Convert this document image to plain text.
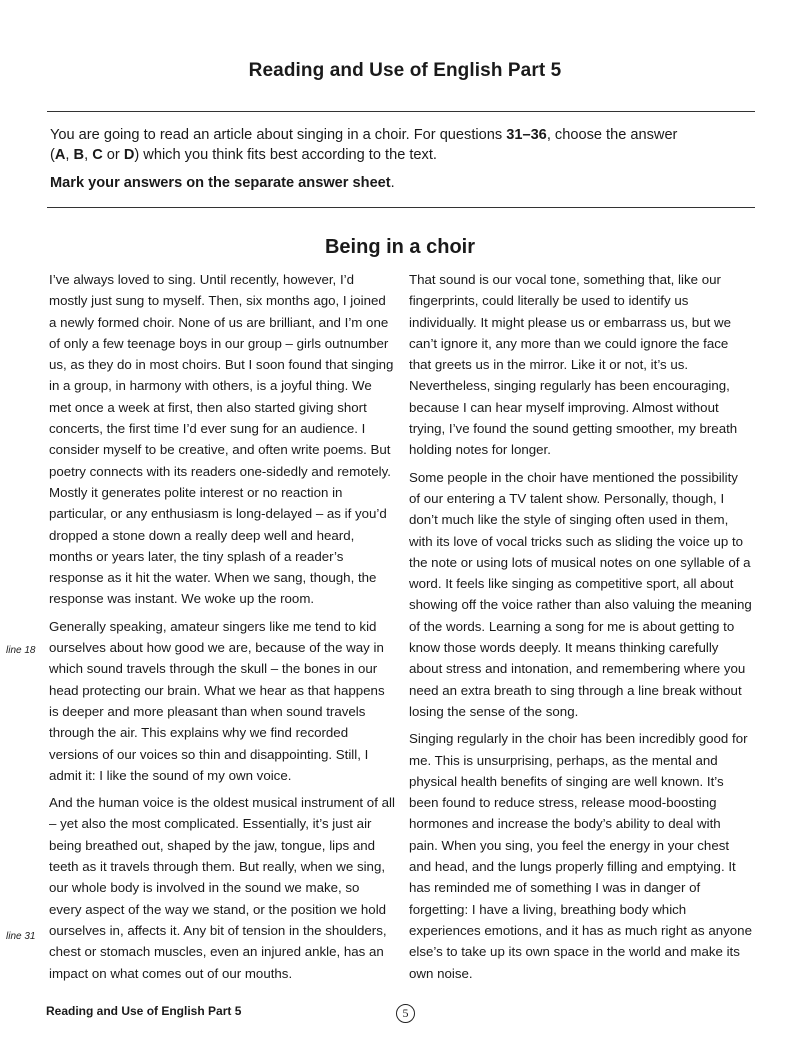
Reading and Use of English Part 5

You are going to read an article about singing in a choir. For questions 31–36, choose the answer
(A, B, C or D) which you think fits best according to the text.

Mark your answers on the separate answer sheet.

Being in a choir

I’ve always loved to sing. Until recently, however, I’d mostly just sung to myself. Then, six months ago, I joined a newly formed choir. None of us are brilliant, and I’m one of only a few teenage boys in our group – girls outnumber us, as they do in most choirs. But I soon found that singing in a group, in harmony with others, is a joyful thing. We met once a week at first, then also started giving short concerts, the first time I’d ever sung for an audience. I consider myself to be creative, and often write poems. But poetry connects with its readers one-sidedly and remotely. Mostly it generates polite interest or no reaction in particular, or any enthusiasm is long-delayed – as if you’d dropped a stone down a really deep well and heard, months or years later, the tiny splash of a reader’s response as it hit the water. When we sang, though, the response was instant. We woke up the room.

Generally speaking, amateur singers like me tend to kid ourselves about how good we are, because of the way in which sound travels through the skull – the bones in our head protecting our brain. What we hear as that happens is deeper and more pleasant than when sound travels through the air. This explains why we find recorded versions of our voices so thin and disappointing. Still, I admit it: I like the sound of my own voice.

And the human voice is the oldest musical instrument of all – yet also the most complicated. Essentially, it’s just air being breathed out, shaped by the jaw, tongue, lips and teeth as it travels through them. But really, when we sing, our whole body is involved in the sound we make, so every aspect of the way we stand, or the position we hold ourselves in, affects it. Any bit of tension in the shoulders, chest or stomach muscles, even an injured ankle, has an impact on what comes out of our mouths.

That sound is our vocal tone, something that, like our fingerprints, could literally be used to identify us individually. It might please us or embarrass us, but we can’t ignore it, any more than we could ignore the face that greets us in the mirror. Like it or not, it’s us. Nevertheless, singing regularly has been encouraging, because I can hear myself improving. Almost without trying, I’ve found the sound getting smoother, my breath holding notes for longer.

Some people in the choir have mentioned the possibility of our entering a TV talent show. Personally, though, I don’t much like the style of singing often used in them, with its love of vocal tricks such as sliding the voice up to the note or using lots of musical notes on one syllable of a word. It feels like singing as competitive sport, all about showing off the voice rather than also valuing the meaning of the words. Learning a song for me is about getting to know those words deeply. It means thinking carefully about stress and intonation, and remembering where you need an extra breath to sing through a line break without losing the sense of the song.

Singing regularly in the choir has been incredibly good for me. This is unsurprising, perhaps, as the mental and physical health benefits of singing are well known. It’s been found to reduce stress, release mood-boosting hormones and increase the body’s ability to deal with pain. When you sing, you feel the energy in your chest and head, and the lungs properly filling and emptying. It has reminded me of something I was in danger of forgetting: I have a living, breathing body which experiences emotions, and it has as much right as anyone else’s to take up its own space in the world and make its own noise.

line 18
line 31
Reading and Use of English Part 5	5
